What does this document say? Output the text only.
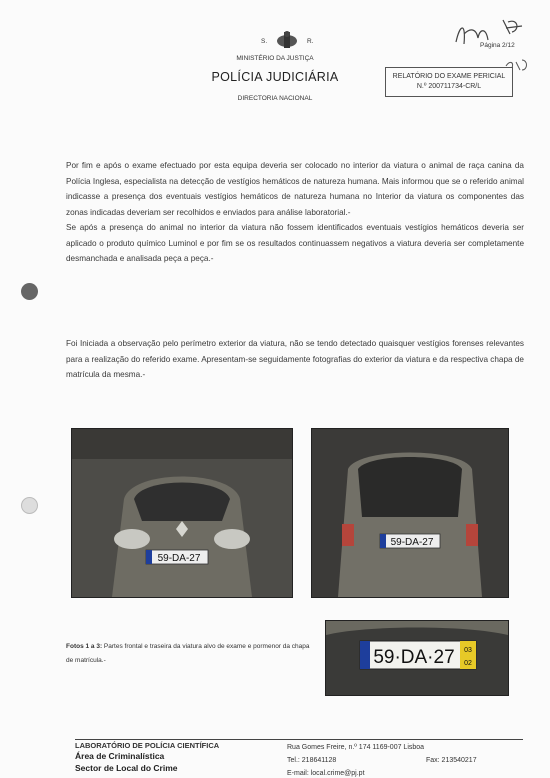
S.	R.
MINISTÉRIO DA JUSTIÇA
POLÍCIA JUDICIÁRIA
DIRECTORIA NACIONAL
Página 2/12
RELATÓRIO DO EXAME PERICIAL
N.º 200711734-CR/L

Por fim e após o exame efectuado por esta equipa deveria ser colocado no interior da viatura o animal de raça canina da Polícia Inglesa, especialista na detecção de vestígios hemáticos de natureza humana. Mais informou que se o referido animal indicasse a presença dos eventuais vestígios hemáticos de natureza humana no Interior da viatura os componentes das zonas indicadas deveriam ser recolhidos e enviados para análise laboratorial.-

Se após a presença do animal no interior da viatura não fossem identificados eventuais vestígios hemáticos deveria ser aplicado o produto químico Luminol e por fim se os resultados continuassem negativos a viatura deveria ser completamente desmanchada e analisada peça a peça.-

Foi Iniciada a observação pelo perímetro exterior da viatura, não se tendo detectado quaisquer vestígios forenses relevantes para a realização do referido exame. Apresentam-se seguidamente fotografias do exterior da viatura e da respectiva chapa de matrícula da mesma.-

59-DA-27
59-DA-27
59·DA·27 03
02
Fotos 1 a 3: Partes frontal e traseira da viatura alvo de exame e pormenor da chapa de matrícula.-
LABORATÓRIO DE POLÍCIA CIENTÍFICA
Área de Criminalística
Sector de Local do Crime
Rua Gomes Freire, n.º 174 1169-007 Lisboa
Tel.: 218641128	Fax: 213540217
E-mail: local.crime@pj.pt
